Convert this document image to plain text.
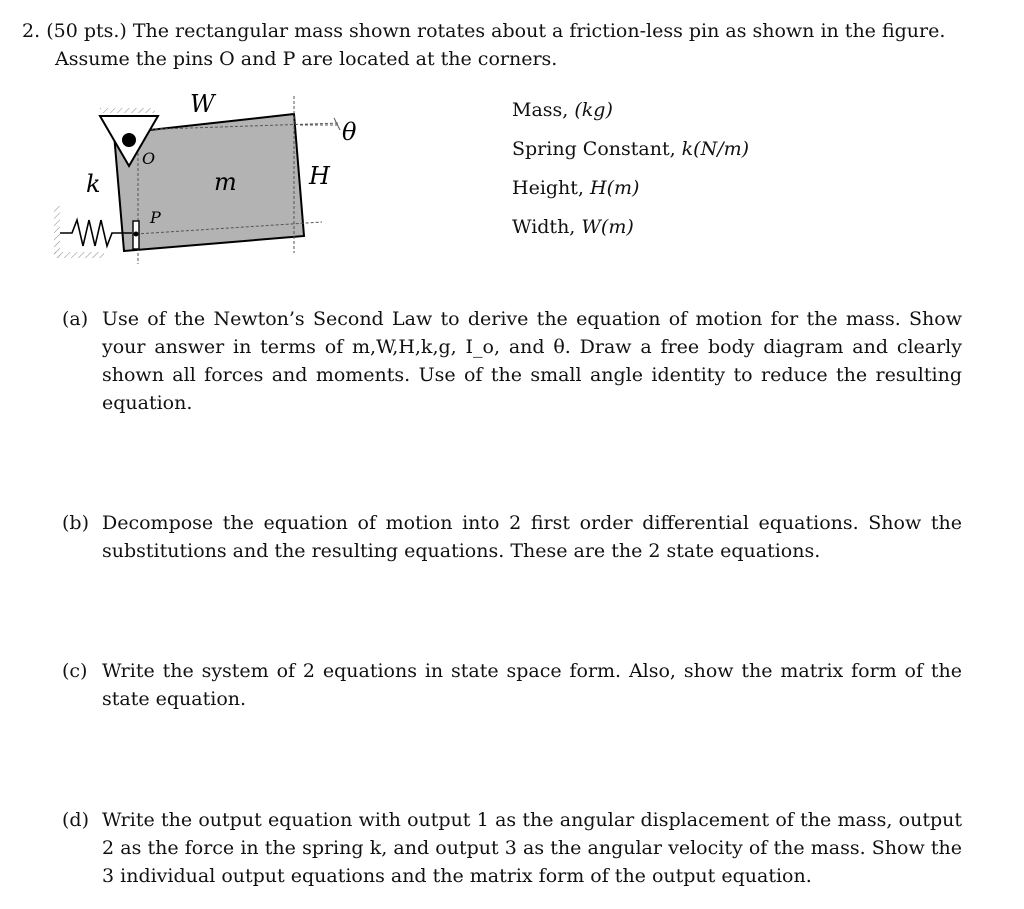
2. (50 pts.) The rectangular mass shown rotates about a friction-less pin as shown in the figure.
Assume the pins O and P are located at the corners.
W
O
θ
k	m	H
P
Mass, (kg)
Spring Constant, k(N/m)
Height, H(m)
Width, W(m)
(a) Use of the Newton’s Second Law to derive the equation of motion for the mass. Show your answer in terms of m,W,H,k,g, I_o, and θ. Draw a free body diagram and clearly shown all forces and moments. Use of the small angle identity to reduce the resulting equation.
(b) Decompose the equation of motion into 2 first order differential equations. Show the substitutions and the resulting equations. These are the 2 state equations.
(c) Write the system of 2 equations in state space form. Also, show the matrix form of the state equation.
(d) Write the output equation with output 1 as the angular displacement of the mass, output 2 as the force in the spring k, and output 3 as the angular velocity of the mass. Show the 3 individual output equations and the matrix form of the output equation.
